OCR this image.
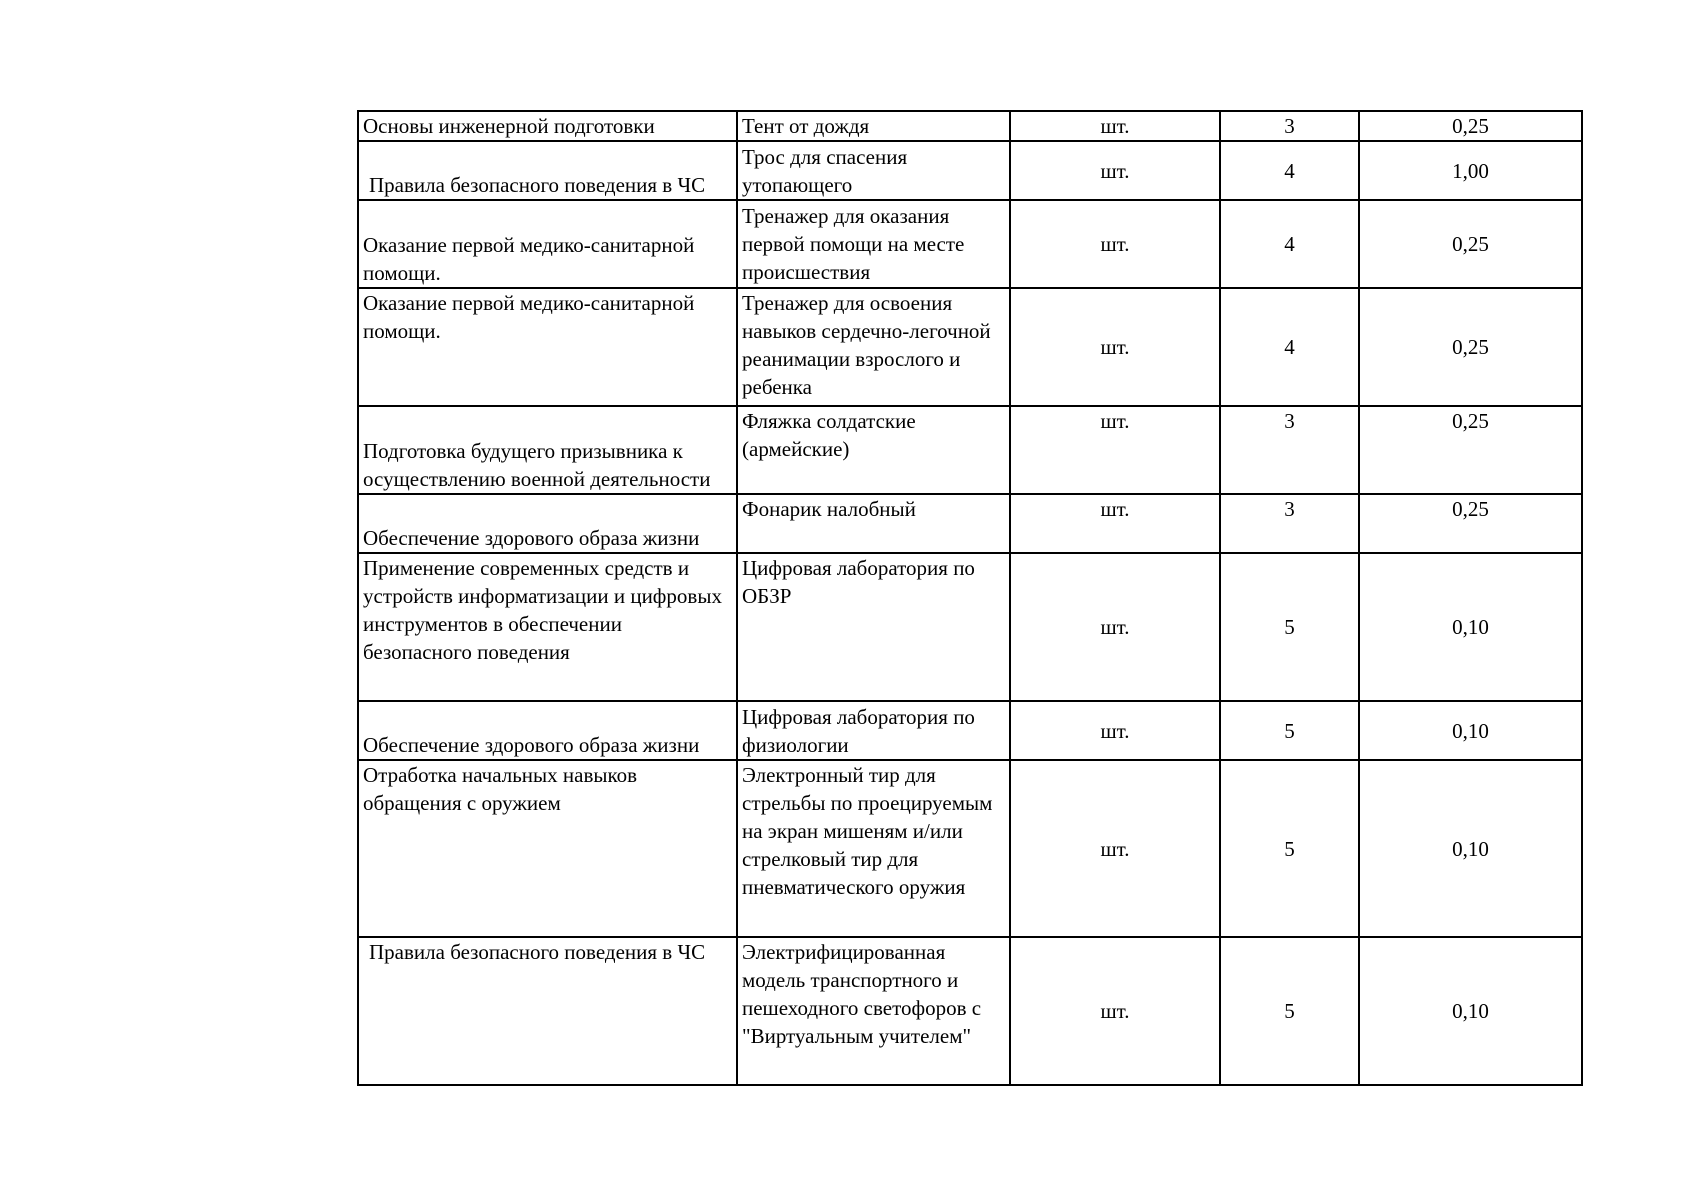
Основы инженерной подготовки	Тент от дождя	шт.	3	0,25

Правила безопасного поведения в ЧС	Трос для спасения утопающего	шт.	4	1,00

Оказание первой медико-санитарной помощи.	Тренажер для оказания первой помощи на месте происшествия	шт.	4	0,25

Оказание первой медико-санитарной помощи.	Тренажер для освоения навыков сердечно-легочной реанимации взрослого и ребенка	шт.	4	0,25

Подготовка будущего призывника к осуществлению военной деятельности	Фляжка солдатские (армейские)	шт.	3	0,25

Обеспечение здорового образа жизни	Фонарик налобный	шт.	3	0,25

Применение современных средств и устройств информатизации и цифровых инструментов в обеспечении безопасного поведения	Цифровая лаборатория по ОБЗР	шт.	5	0,10

Обеспечение здорового образа жизни	Цифровая лаборатория по физиологии	шт.	5	0,10

Отработка начальных навыков обращения с оружием	Электронный тир для стрельбы по проецируемым на экран мишеням и/или стрелковый тир для пневматического оружия	шт.	5	0,10

Правила безопасного поведения в ЧС	Электрифицированная модель транспортного и пешеходного светофоров с "Виртуальным учителем"	шт.	5	0,10
